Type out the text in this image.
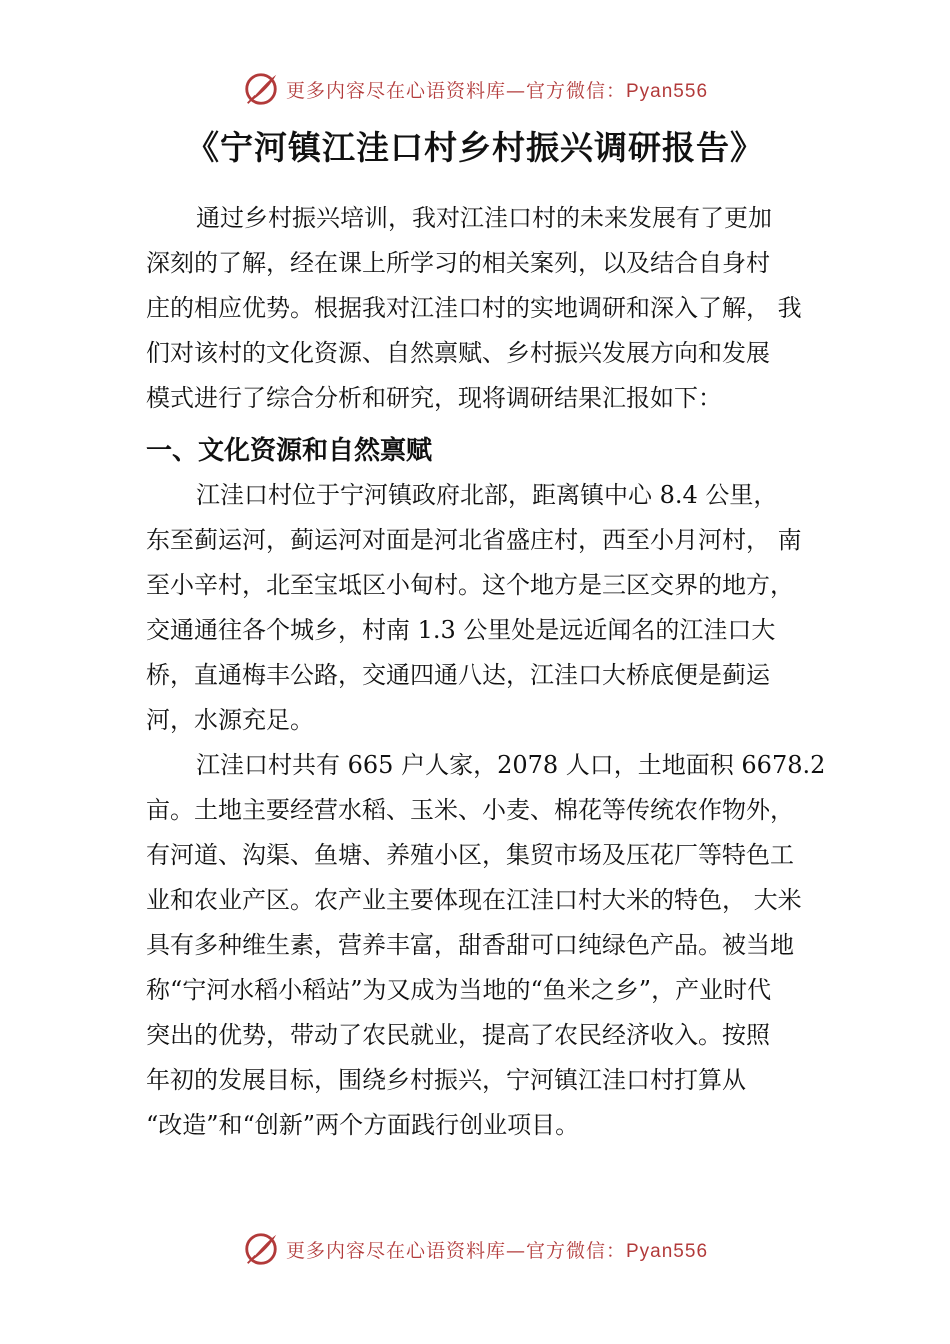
更多内容尽在心语资料库—官方微信：Pyan556
《宁河镇江洼口村乡村振兴调研报告》
通过乡村振兴培训，我对江洼口村的未来发展有了更加
深刻的了解，经在课上所学习的相关案列，以及结合自身村
庄的相应优势。根据我对江洼口村的实地调研和深入了解， 我
们对该村的文化资源、自然禀赋、乡村振兴发展方向和发展
模式进行了综合分析和研究，现将调研结果汇报如下：
一、文化资源和自然禀赋
江洼口村位于宁河镇政府北部，距离镇中心 8.4 公里，
东至蓟运河，蓟运河对面是河北省盛庄村，西至小月河村， 南
至小辛村，北至宝坻区小甸村。这个地方是三区交界的地方，
交通通往各个城乡，村南 1.3 公里处是远近闻名的江洼口大
桥，直通梅丰公路，交通四通八达，江洼口大桥底便是蓟运
河，水源充足。
江洼口村共有 665 户人家，2078 人口，土地面积 6678.2
亩。土地主要经营水稻、玉米、小麦、棉花等传统农作物外，
有河道、沟渠、鱼塘、养殖小区，集贸市场及压花厂等特色工
业和农业产区。农产业主要体现在江洼口村大米的特色， 大米
具有多种维生素，营养丰富，甜香甜可口纯绿色产品。被当地
称“宁河水稻小稻站”为又成为当地的“鱼米之乡”，产业时代
突出的优势，带动了农民就业，提高了农民经济收入。按照
年初的发展目标，围绕乡村振兴，宁河镇江洼口村打算从
“改造”和“创新”两个方面践行创业项目。
更多内容尽在心语资料库—官方微信：Pyan556
